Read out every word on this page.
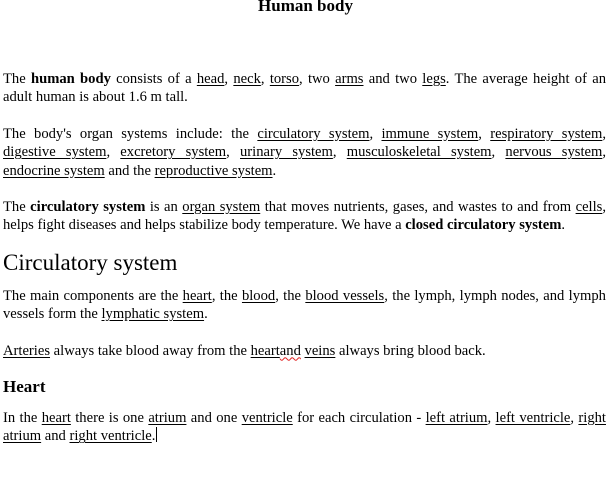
Human body

The human body consists of a head, neck, torso, two arms and two legs. The average height of an adult human is about 1.6 m tall.

The body's organ systems include: the circulatory system, immune system, respiratory system, digestive system, excretory system, urinary system, musculoskeletal system, nervous system, endocrine system and the reproductive system.

The circulatory system is an organ system that moves nutrients, gases, and wastes to and from cells, helps fight diseases and helps stabilize body temperature. We have a closed circulatory system.

Circulatory system

The main components are the heart, the blood, the blood vessels, the lymph, lymph nodes, and lymph vessels form the lymphatic system.

Arteries always take blood away from the heartand veins always bring blood back.

Heart

In the heart there is one atrium and one ventricle for each circulation - left atrium, left ventricle, right atrium and right ventricle.
